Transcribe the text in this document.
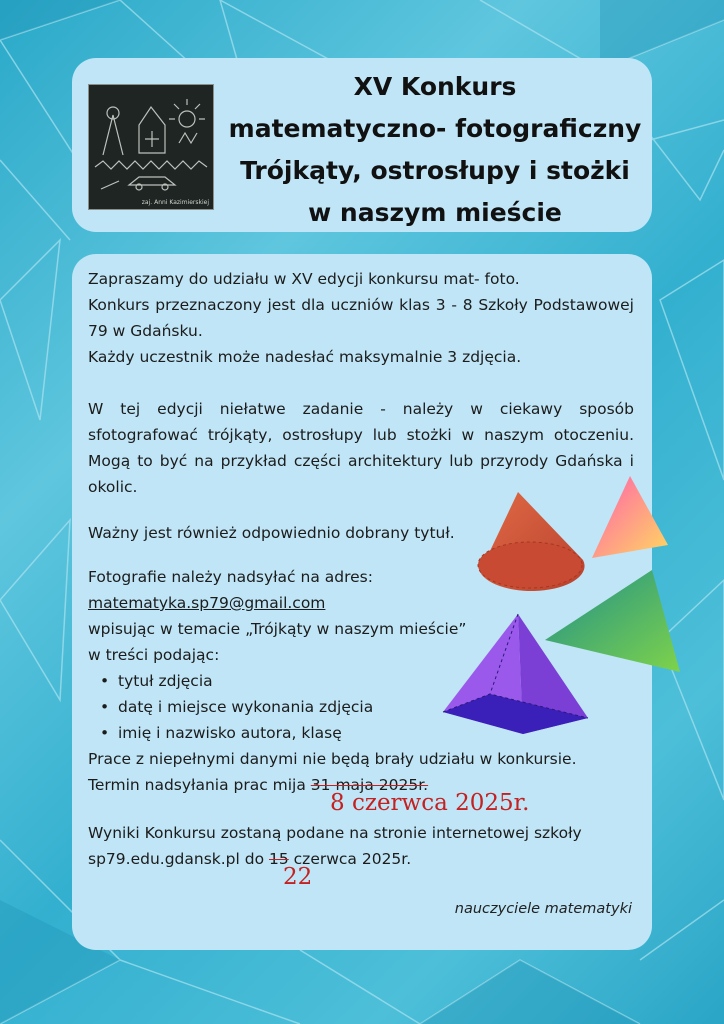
zaj. Anni Kazimierskiej
XV Konkurs
matematyczno- fotograficzny
Trójkąty, ostrosłupy i stożki
w naszym mieście
Zapraszamy do udziału w XV edycji konkursu mat- foto.
Konkurs przeznaczony jest dla uczniów klas 3 - 8 Szkoły Podstawowej 79 w Gdańsku.
Każdy uczestnik może nadesłać maksymalnie 3 zdjęcia.
W tej edycji niełatwe zadanie - należy w ciekawy sposób sfotografować trójkąty, ostrosłupy lub stożki w naszym otoczeniu. Mogą to być na przykład części architektury lub przyrody Gdańska i okolic.
Ważny jest również odpowiednio dobrany tytuł.
Fotografie należy nadsyłać na adres:
matematyka.sp79@gmail.com
wpisując w temacie „Trójkąty w naszym mieście”
w treści podając:
• tytuł zdjęcia
• datę i miejsce wykonania zdjęcia
• imię i nazwisko autora, klasę
Prace z niepełnymi danymi nie będą brały udziału w konkursie.
Termin nadsyłania prac mija 31 maja 2025r.
8 czerwca 2025r.
Wyniki Konkursu zostaną podane na stronie internetowej szkoły
sp79.edu.gdansk.pl do 15 czerwca 2025r.
22
nauczyciele matematyki
